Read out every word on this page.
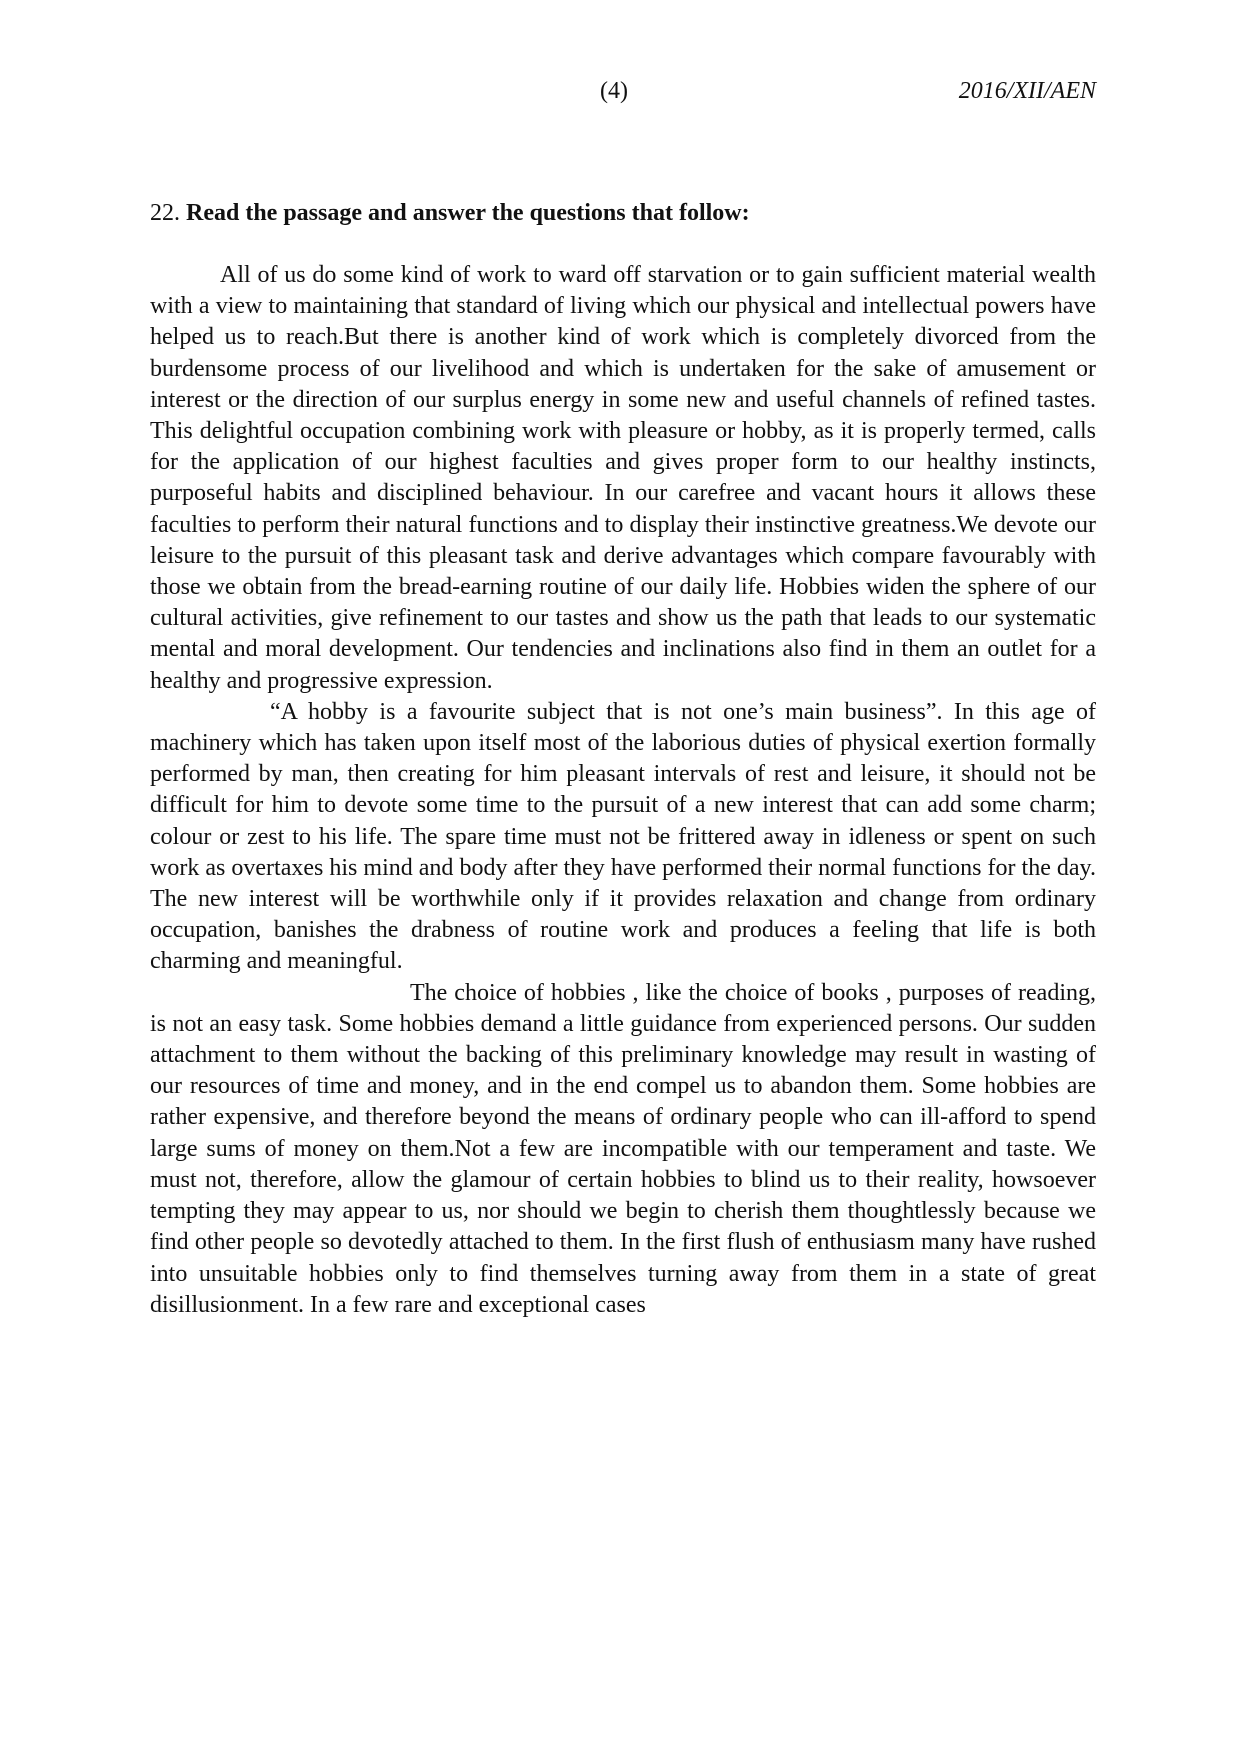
(4)	2016/XII/AEN
22. Read the passage and answer the questions that follow:

All of us do some kind of work to ward off starvation or to gain sufficient material wealth with a view to maintaining that standard of living which our physical and intellectual powers have helped us to reach.But there is another kind of work which is completely divorced from the burdensome process of our livelihood and which is undertaken for the sake of amusement or interest or the direction of our surplus energy in some new and useful channels of refined tastes. This delightful occupation combining work with pleasure or hobby, as it is properly termed, calls for the application of our highest faculties and gives proper form to our healthy instincts, purposeful habits and disciplined behaviour. In our carefree and vacant hours it allows these faculties to perform their natural functions and to display their instinctive greatness.We devote our leisure to the pursuit of this pleasant task and derive advantages which compare favourably with those we obtain from the bread-earning routine of our daily life. Hobbies widen the sphere of our cultural activities, give refinement to our tastes and show us the path that leads to our systematic mental and moral development. Our tendencies and inclinations also find in them an outlet for a healthy and progressive expression.

“A hobby is a favourite subject that is not one’s main business”. In this age of machinery which has taken upon itself most of the laborious duties of physical exertion formally performed by man, then creating for him pleasant intervals of rest and leisure, it should not be difficult for him to devote some time to the pursuit of a new interest that can add some charm; colour or zest to his life. The spare time must not be frittered away in idleness or spent on such work as overtaxes his mind and body after they have performed their normal functions for the day. The new interest will be worthwhile only if it provides relaxation and change from ordinary occupation, banishes the drabness of routine work and produces a feeling that life is both charming and meaningful.

The choice of hobbies , like the choice of books , purposes of reading, is not an easy task. Some hobbies demand a little guidance from experienced persons. Our sudden attachment to them without the backing of this preliminary knowledge may result in wasting of our resources of time and money, and in the end compel us to abandon them. Some hobbies are rather expensive, and therefore beyond the means of ordinary people who can ill-afford to spend large sums of money on them.Not a few are incompatible with our temperament and taste. We must not, therefore, allow the glamour of certain hobbies to blind us to their reality, howsoever tempting they may appear to us, nor should we begin to cherish them thoughtlessly because we find other people so devotedly attached to them. In the first flush of enthusiasm many have rushed into unsuitable hobbies only to find themselves turning away from them in a state of great disillusionment. In a few rare and exceptional cases
